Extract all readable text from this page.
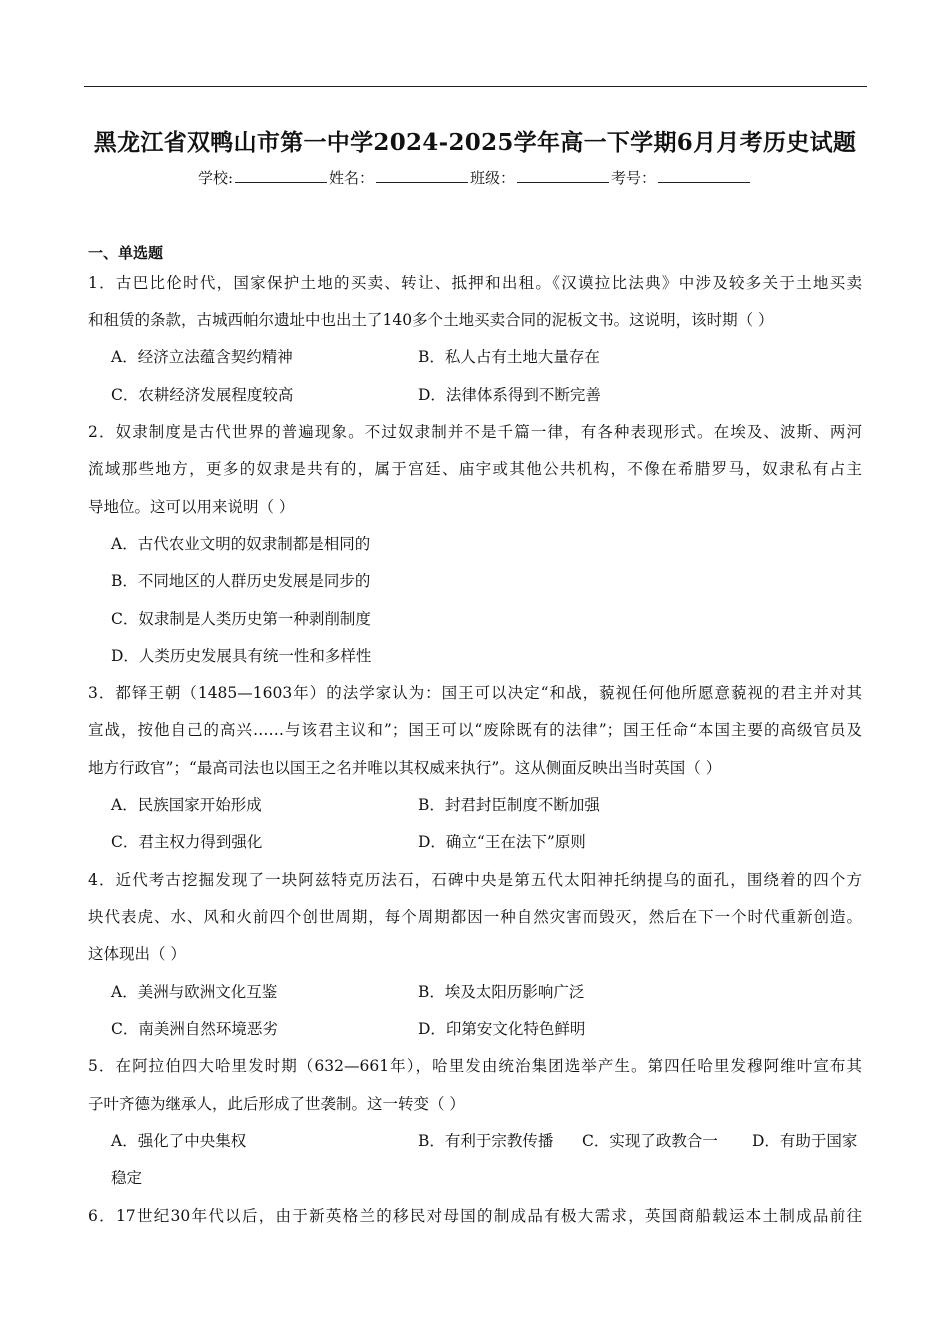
黑龙江省双鸭山市第一中学2024-2025学年高一下学期6月月考历史试题
学校:	姓名：	班级：	考号：
一、单选题
1．古巴比伦时代，国家保护土地的买卖、转让、抵押和出租。《汉谟拉比法典》中涉及较多关于土地买卖
和租赁的条款，古城西帕尔遗址中也出土了140多个土地买卖合同的泥板文书。这说明，该时期（ ）
A．经济立法蕴含契约精神	B．私人占有土地大量存在
C．农耕经济发展程度较高	D．法律体系得到不断完善
2．奴隶制度是古代世界的普遍现象。不过奴隶制并不是千篇一律，有各种表现形式。在埃及、波斯、两河
流域那些地方，更多的奴隶是共有的，属于宫廷、庙宇或其他公共机构，不像在希腊罗马，奴隶私有占主
导地位。这可以用来说明（ ）
A．古代农业文明的奴隶制都是相同的
B．不同地区的人群历史发展是同步的
C．奴隶制是人类历史第一种剥削制度
D．人类历史发展具有统一性和多样性
3．都铎王朝（1485—1603年）的法学家认为：国王可以决定“和战，藐视任何他所愿意藐视的君主并对其
宣战，按他自己的高兴……与该君主议和”；国王可以“废除既有的法律”；国王任命“本国主要的高级官员及
地方行政官”；“最高司法也以国王之名并唯以其权威来执行”。这从侧面反映出当时英国（ ）
A．民族国家开始形成	B．封君封臣制度不断加强
C．君主权力得到强化	D．确立“王在法下”原则
4．近代考古挖掘发现了一块阿兹特克历法石，石碑中央是第五代太阳神托纳提乌的面孔，围绕着的四个方
块代表虎、水、风和火前四个创世周期，每个周期都因一种自然灾害而毁灭，然后在下一个时代重新创造。
这体现出（ ）
A．美洲与欧洲文化互鉴	B．埃及太阳历影响广泛
C．南美洲自然环境恶劣	D．印第安文化特色鲜明
5．在阿拉伯四大哈里发时期（632—661年），哈里发由统治集团选举产生。第四任哈里发穆阿维叶宣布其
子叶齐德为继承人，此后形成了世袭制。这一转变（ ）
A．强化了中央集权	B．有利于宗教传播 C．实现了政教合一 D．有助于国家
稳定
6．17世纪30年代以后，由于新英格兰的移民对母国的制成品有极大需求，英国商船载运本土制成品前往
